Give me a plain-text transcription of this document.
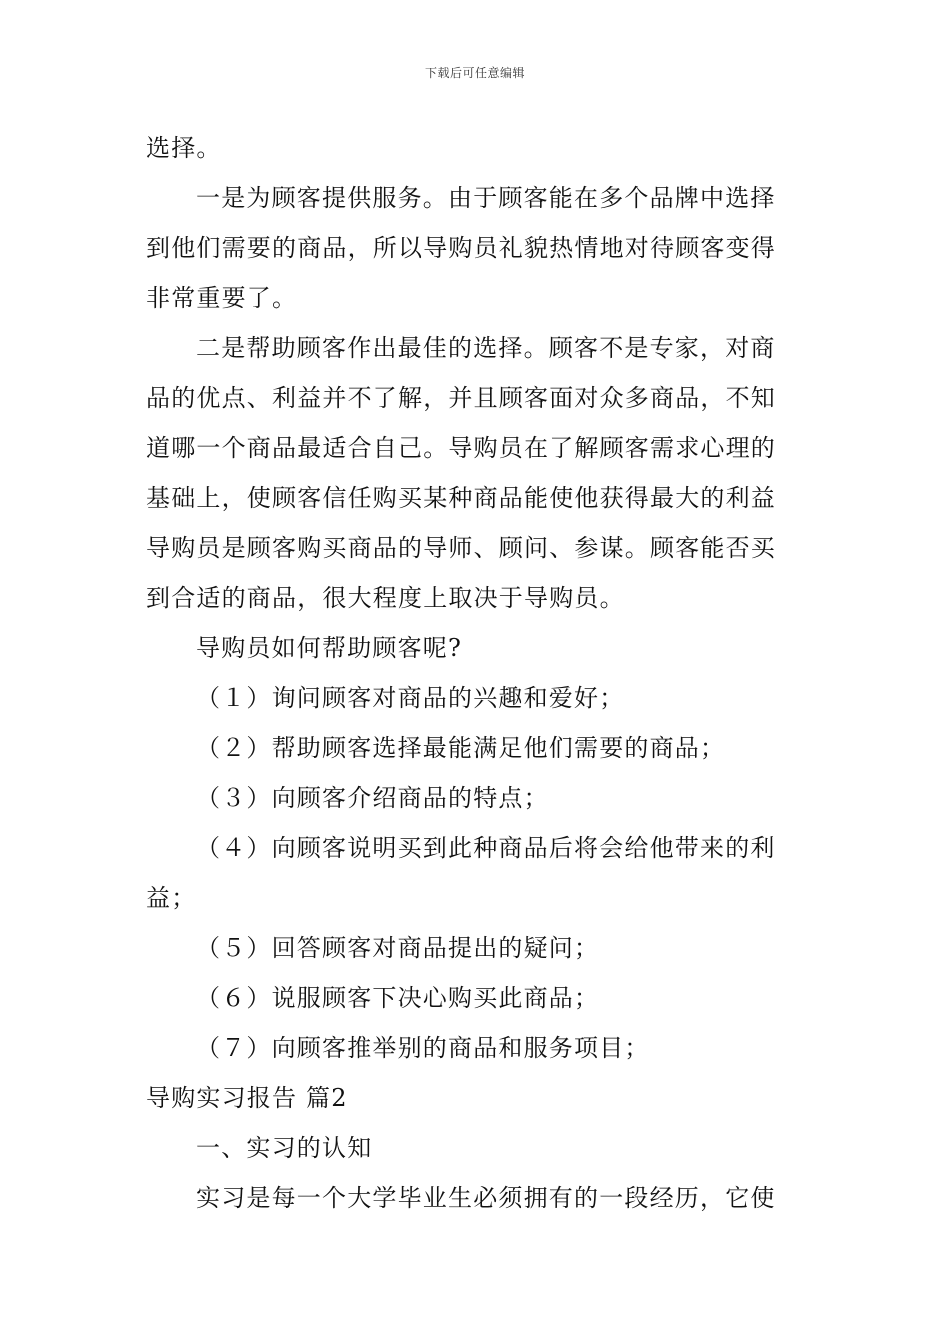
下载后可任意编辑
选择。
一是为顾客提供服务。由于顾客能在多个品牌中选择
到他们需要的商品，所以导购员礼貌热情地对待顾客变得
非常重要了。
二是帮助顾客作出最佳的选择。顾客不是专家，对商
品的优点、利益并不了解，并且顾客面对众多商品，不知
道哪一个商品最适合自己。导购员在了解顾客需求心理的
基础上，使顾客信任购买某种商品能使他获得最大的利益
导购员是顾客购买商品的导师、顾问、参谋。顾客能否买
到合适的商品，很大程度上取决于导购员。
导购员如何帮助顾客呢?
（１）询问顾客对商品的兴趣和爱好；
（２）帮助顾客选择最能满足他们需要的商品；
（３）向顾客介绍商品的特点；
（４）向顾客说明买到此种商品后将会给他带来的利
益；
（５）回答顾客对商品提出的疑问；
（６）说服顾客下决心购买此商品；
（７）向顾客推举别的商品和服务项目；
导购实习报告 篇2
一、实习的认知
实习是每一个大学毕业生必须拥有的一段经历，它使
